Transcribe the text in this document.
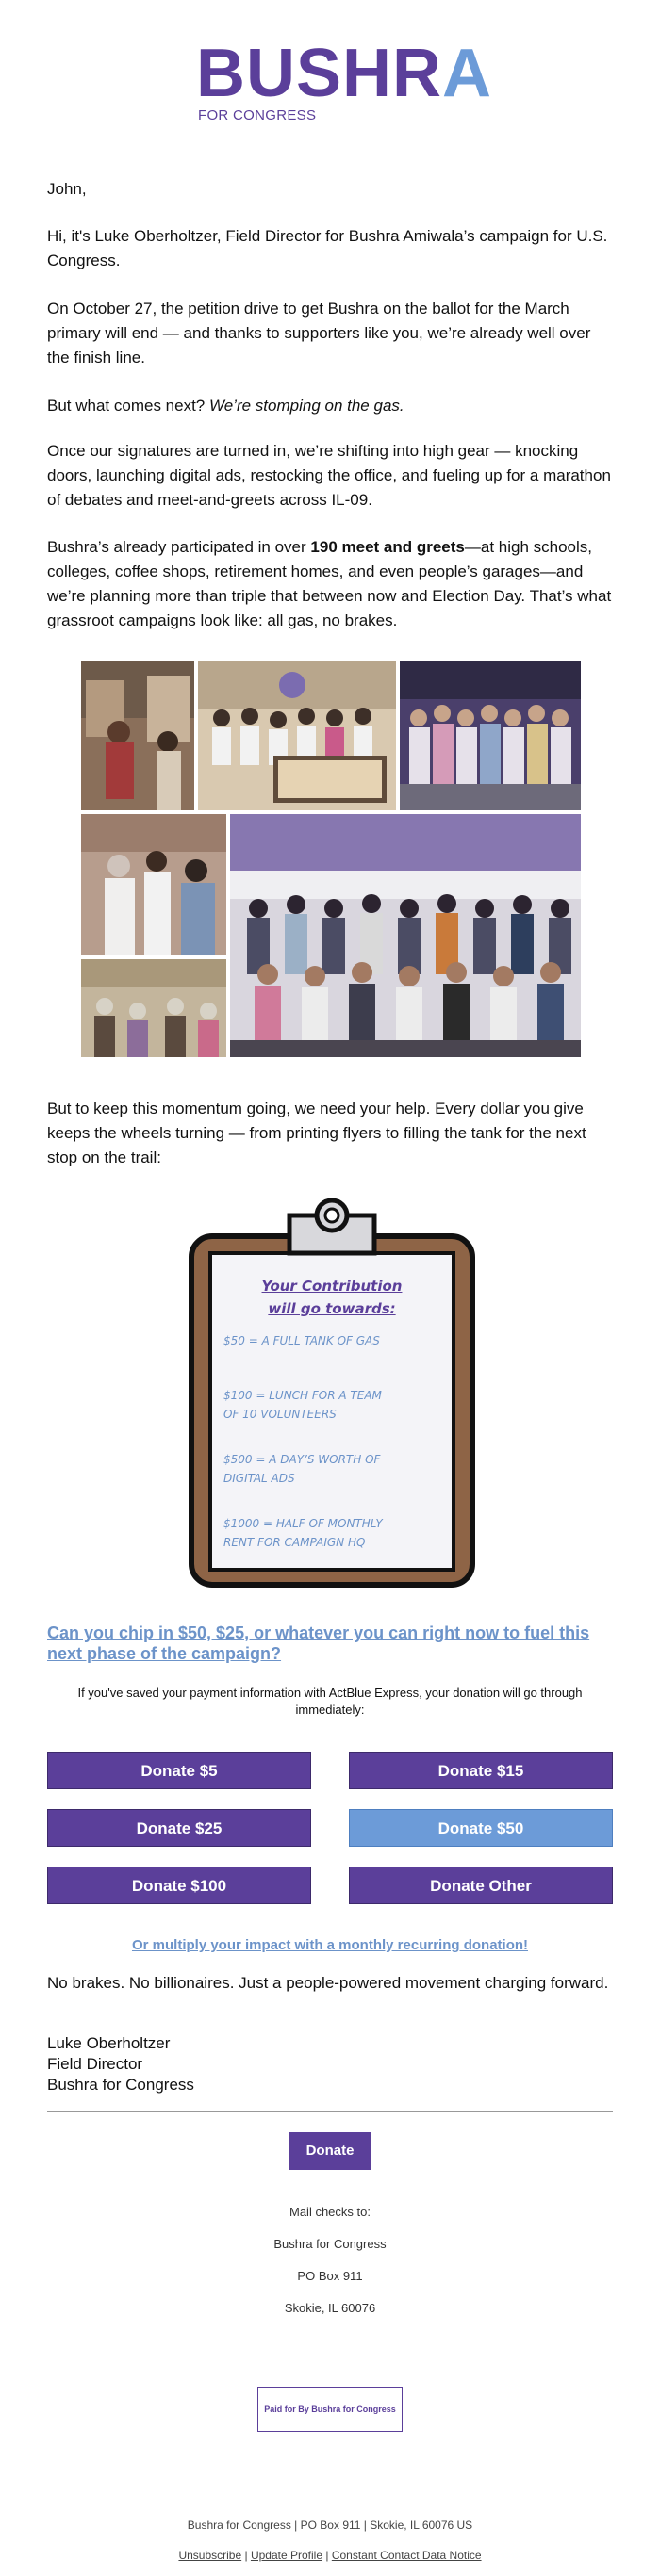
BUSHRA
FOR CONGRESS

John,

Hi, it's Luke Oberholtzer, Field Director for Bushra Amiwala’s campaign for U.S. Congress.

On October 27, the petition drive to get Bushra on the ballot for the March primary will end — and thanks to supporters like you, we’re already well over the finish line.

But what comes next? We’re stomping on the gas.

Once our signatures are turned in, we’re shifting into high gear — knocking doors, launching digital ads, restocking the office, and fueling up for a marathon of debates and meet-and-greets across IL-09.

Bushra’s already participated in over 190 meet and greets—at high schools, colleges, coffee shops, retirement homes, and even people’s garages—and we’re planning more than triple that between now and Election Day. That’s what grassroot campaigns look like: all gas, no brakes.

But to keep this momentum going, we need your help. Every dollar you give keeps the wheels turning — from printing flyers to filling the tank for the next stop on the trail:

Your Contribution
will go towards:
$50 = A FULL TANK OF GAS
$100 = LUNCH FOR A TEAM
OF 10 VOLUNTEERS
$500 = A DAY’S WORTH OF
DIGITAL ADS
$1000 = HALF OF MONTHLY
RENT FOR CAMPAIGN HQ
Can you chip in $50, $25, or whatever you can right now to fuel this next phase of the campaign?
If you've saved your payment information with ActBlue Express, your donation will go through immediately:
Donate $5	Donate $15
Donate $25	Donate $50
Donate $100	Donate Other
Or multiply your impact with a monthly recurring donation!

No brakes. No billionaires. Just a people-powered movement charging forward.

Luke Oberholtzer
Field Director
Bushra for Congress
Donate
Mail checks to:
Bushra for Congress
PO Box 911
Skokie, IL 60076
Paid for By Bushra for Congress
Bushra for Congress | PO Box 911 | Skokie, IL 60076 US
Unsubscribe | Update Profile | Constant Contact Data Notice
